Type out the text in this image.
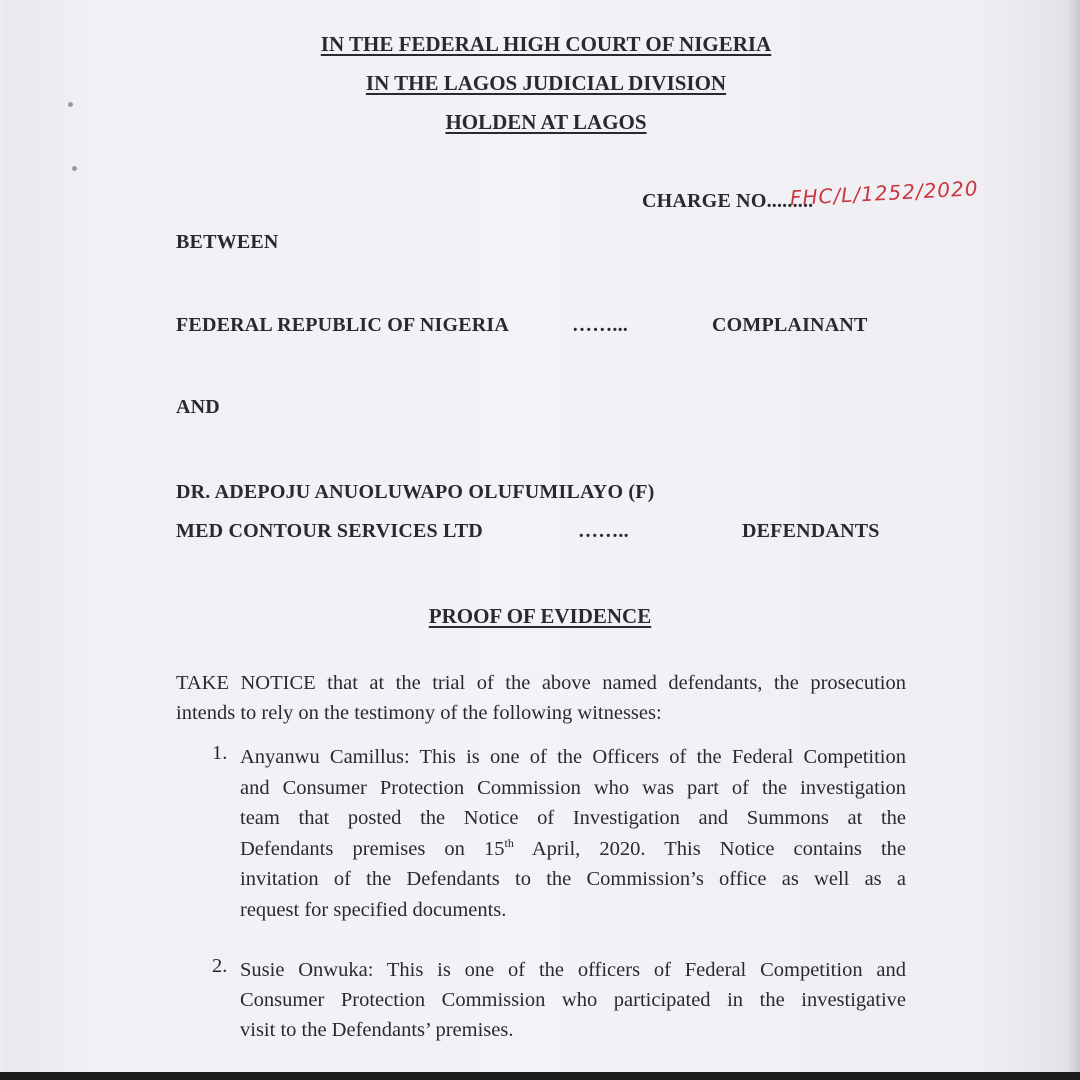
IN THE FEDERAL HIGH COURT OF NIGERIA
IN THE LAGOS JUDICIAL DIVISION
HOLDEN AT LAGOS
CHARGE NO.........
FHC/L/1252/2020
BETWEEN
FEDERAL REPUBLIC OF NIGERIA	……...	COMPLAINANT
AND
DR. ADEPOJU ANUOLUWAPO OLUFUMILAYO (F)
MED CONTOUR SERVICES LTD	……..	DEFENDANTS
PROOF OF EVIDENCE
TAKE NOTICE that at the trial of the above named defendants, the prosecution
intends to rely on the testimony of the following witnesses:
1. Anyanwu Camillus: This is one of the Officers of the Federal Competition
and Consumer Protection Commission who was part of the investigation
team that posted the Notice of Investigation and Summons at the
Defendants premises on 15th April, 2020. This Notice contains the
invitation of the Defendants to the Commission’s office as well as a
request for specified documents.
2. Susie Onwuka: This is one of the officers of Federal Competition and
Consumer Protection Commission who participated in the investigative
visit to the Defendants’ premises.
